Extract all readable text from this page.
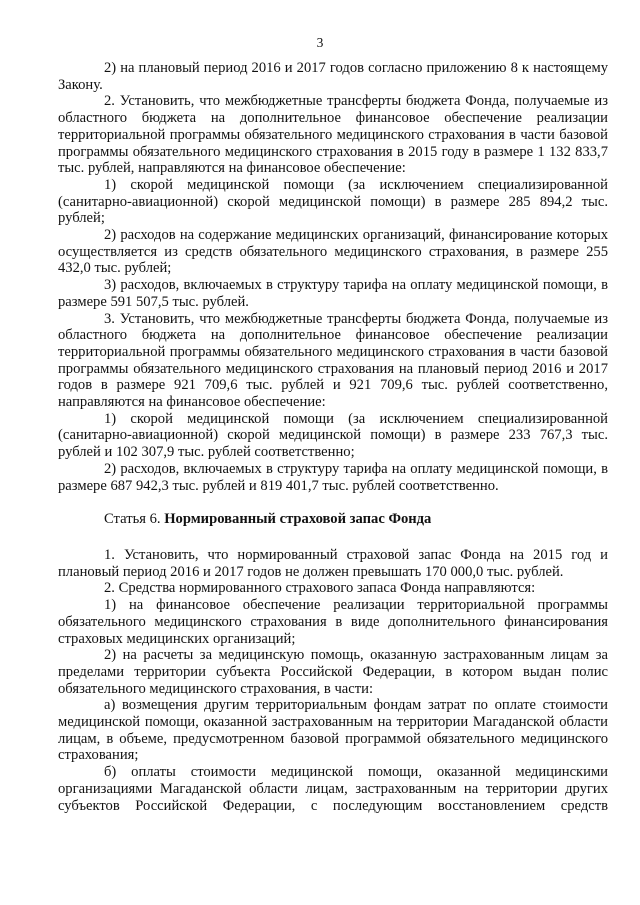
3

2) на плановый период 2016 и 2017 годов согласно приложению 8 к настоящему Закону.

2. Установить, что межбюджетные трансферты бюджета Фонда, получаемые из областного бюджета на дополнительное финансовое обеспечение реализации территориальной программы обязательного медицинского страхования в части базовой программы обязательного медицинского страхования в 2015 году в размере 1 132 833,7 тыс. рублей, направляются на финансовое обеспечение:

1) скорой медицинской помощи (за исключением специализированной (санитарно-авиационной) скорой медицинской помощи) в размере 285 894,2 тыс. рублей;

2) расходов на содержание медицинских организаций, финансирование которых осуществляется из средств обязательного медицинского страхования, в размере 255 432,0 тыс. рублей;

3) расходов, включаемых в структуру тарифа на оплату медицинской помощи, в размере 591 507,5 тыс. рублей.

3. Установить, что межбюджетные трансферты бюджета Фонда, получаемые из областного бюджета на дополнительное финансовое обеспечение реализации территориальной программы обязательного медицинского страхования в части базовой программы обязательного медицинского страхования на плановый период 2016 и 2017 годов в размере 921 709,6 тыс. рублей и 921 709,6 тыс. рублей соответственно, направляются на финансовое обеспечение:

1) скорой медицинской помощи (за исключением специализированной (санитарно-авиационной) скорой медицинской помощи) в размере 233 767,3 тыс. рублей и 102 307,9 тыс. рублей соответственно;

2) расходов, включаемых в структуру тарифа на оплату медицинской помощи, в размере 687 942,3 тыс. рублей и 819 401,7 тыс. рублей соответственно.

Статья 6. Нормированный страховой запас Фонда

1. Установить, что нормированный страховой запас Фонда на 2015 год и плановый период 2016 и 2017 годов не должен превышать 170 000,0 тыс. рублей.

2. Средства нормированного страхового запаса Фонда направляются:

1) на финансовое обеспечение реализации территориальной программы обязательного медицинского страхования в виде дополнительного финансирования страховых медицинских организаций;

2) на расчеты за медицинскую помощь, оказанную застрахованным лицам за пределами территории субъекта Российской Федерации, в котором выдан полис обязательного медицинского страхования, в части:

а) возмещения другим территориальным фондам затрат по оплате стоимости медицинской помощи, оказанной застрахованным на территории Магаданской области лицам, в объеме, предусмотренном базовой программой обязательного медицинского страхования;

б) оплаты стоимости медицинской помощи, оказанной медицинскими организациями Магаданской области лицам, застрахованным на территории других субъектов Российской Федерации, с последующим восстановлением средств
